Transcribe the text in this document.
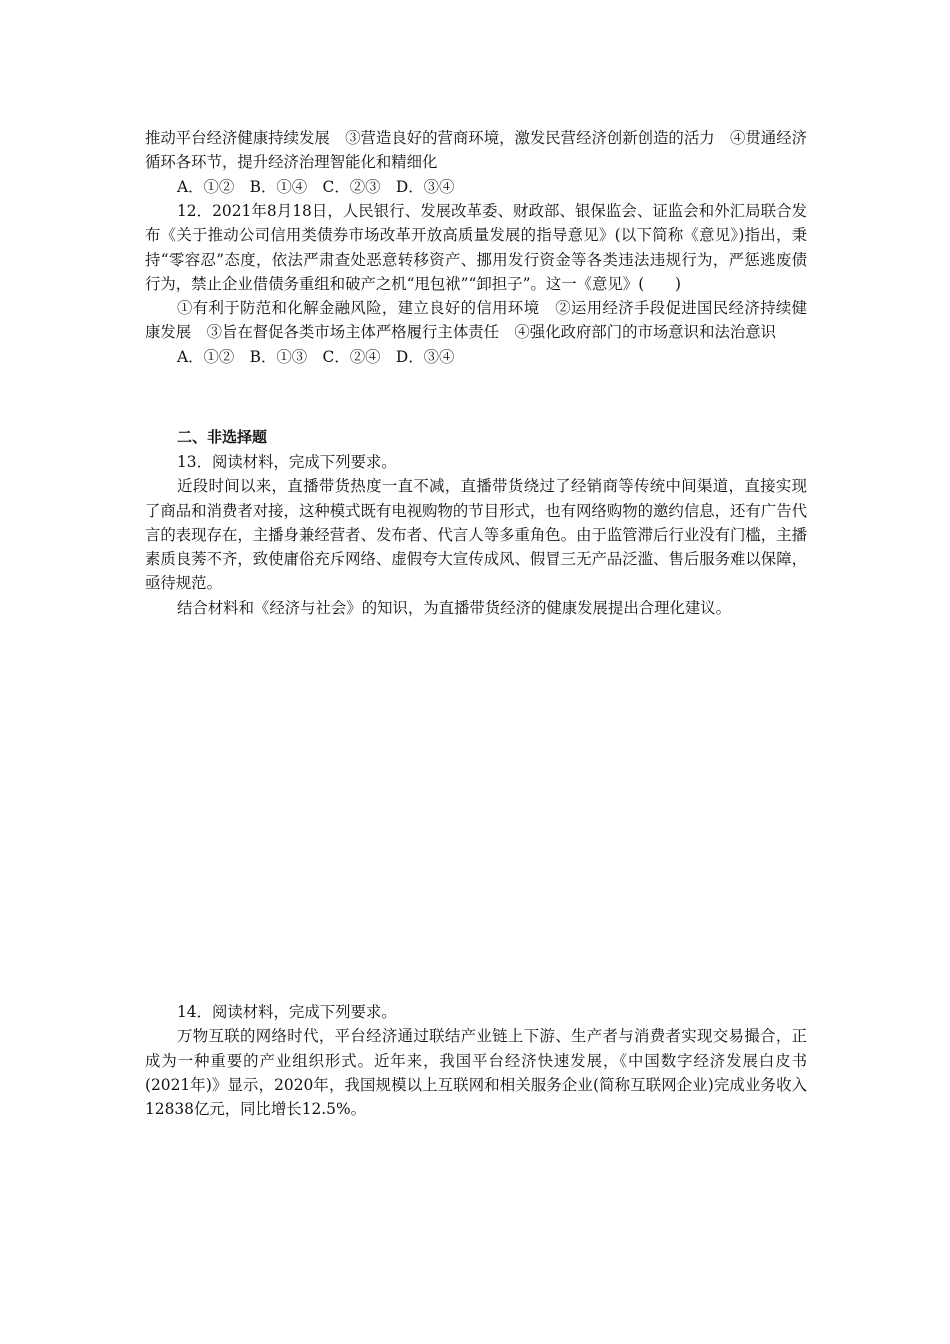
推动平台经济健康持续发展　③营造良好的营商环境，激发民营经济创新创造的活力　④贯通经济循环各环节，提升经济治理智能化和精细化

A．①②　B．①④　C．②③　D．③④

12．2021年8月18日，人民银行、发展改革委、财政部、银保监会、证监会和外汇局联合发布《关于推动公司信用类债券市场改革开放高质量发展的指导意见》(以下简称《意见》)指出，秉持“零容忍”态度，依法严肃查处恶意转移资产、挪用发行资金等各类违法违规行为，严惩逃废债行为，禁止企业借债务重组和破产之机“甩包袱”“卸担子”。这一《意见》(　　)

①有利于防范和化解金融风险，建立良好的信用环境　②运用经济手段促进国民经济持续健康发展　③旨在督促各类市场主体严格履行主体责任　④强化政府部门的市场意识和法治意识

A．①②　B．①③　C．②④　D．③④

二、非选择题

13．阅读材料，完成下列要求。

近段时间以来，直播带货热度一直不减，直播带货绕过了经销商等传统中间渠道，直接实现了商品和消费者对接，这种模式既有电视购物的节目形式，也有网络购物的邀约信息，还有广告代言的表现存在，主播身兼经营者、发布者、代言人等多重角色。由于监管滞后行业没有门槛，主播素质良莠不齐，致使庸俗充斥网络、虚假夸大宣传成风、假冒三无产品泛滥、售后服务难以保障，亟待规范。

结合材料和《经济与社会》的知识，为直播带货经济的健康发展提出合理化建议。

14．阅读材料，完成下列要求。

万物互联的网络时代，平台经济通过联结产业链上下游、生产者与消费者实现交易撮合，正成为一种重要的产业组织形式。近年来，我国平台经济快速发展，《中国数字经济发展白皮书(2021年)》显示，2020年，我国规模以上互联网和相关服务企业(简称互联网企业)完成业务收入12838亿元，同比增长12.5%。
